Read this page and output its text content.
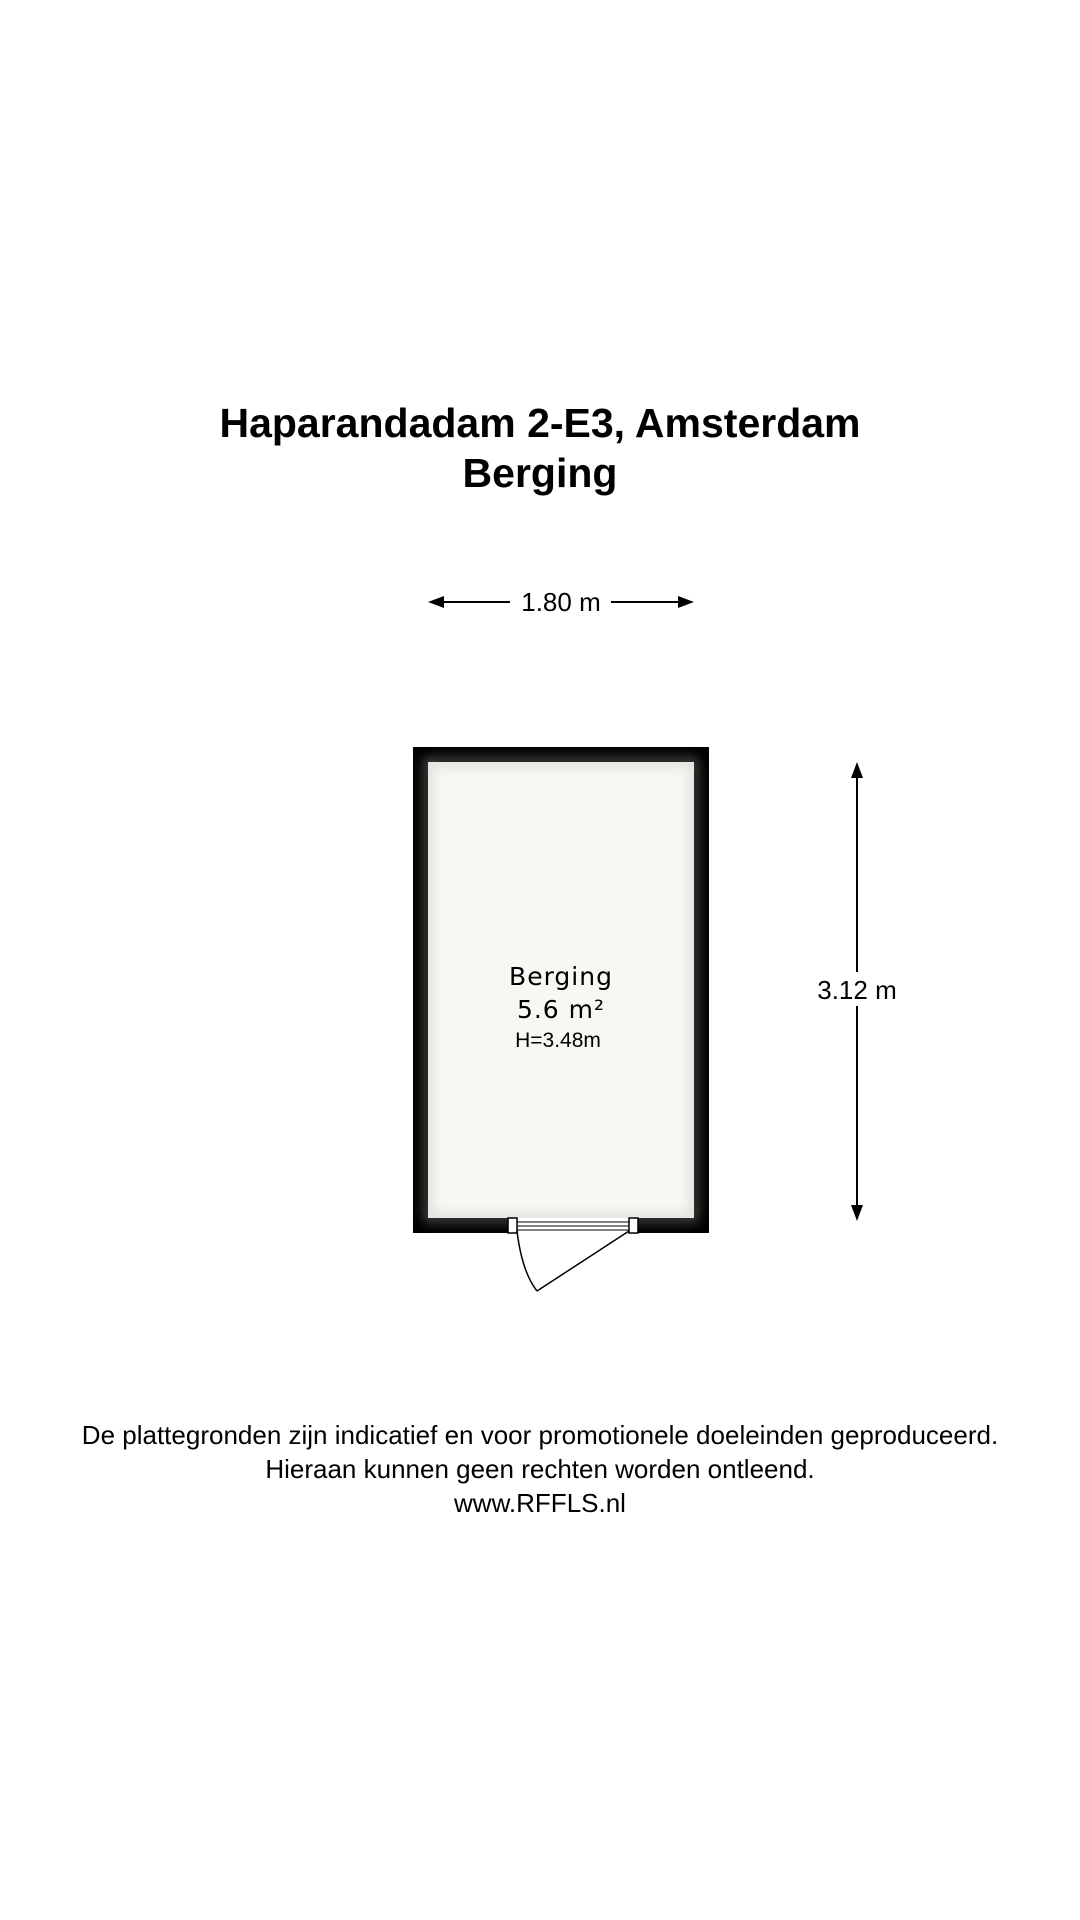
Haparandadam 2-E3, Amsterdam
Berging
1.80 m
3.12 m
Berging
5.6 m²
H=3.48m
De plattegronden zijn indicatief en voor promotionele doeleinden geproduceerd.
Hieraan kunnen geen rechten worden ontleend.
www.RFFLS.nl
